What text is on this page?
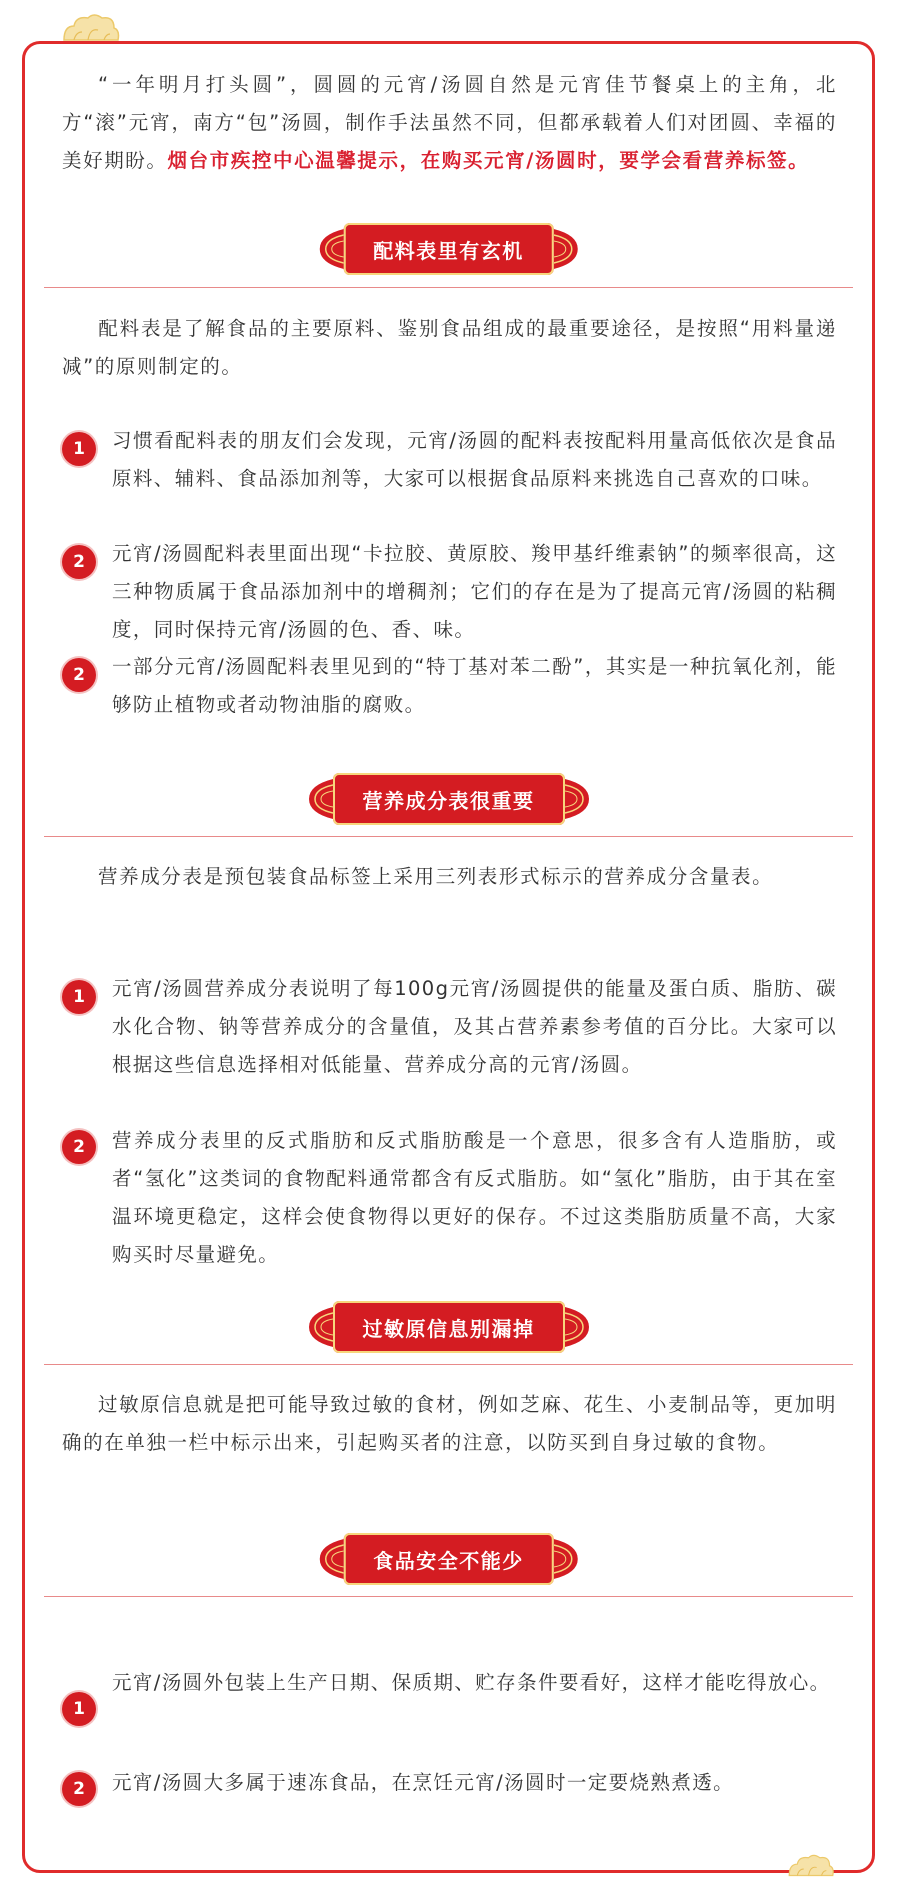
“一年明月打头圆”，圆圆的元宵/汤圆自然是元宵佳节餐桌上的主角，北方“滚”元宵，南方“包”汤圆，制作手法虽然不同，但都承载着人们对团圆、幸福的美好期盼。烟台市疾控中心温馨提示，在购买元宵/汤圆时，要学会看营养标签。

配料表里有玄机

配料表是了解食品的主要原料、鉴别食品组成的最重要途径，是按照“用料量递减”的原则制定的。

1	习惯看配料表的朋友们会发现，元宵/汤圆的配料表按配料用量高低依次是食品原料、辅料、食品添加剂等，大家可以根据食品原料来挑选自己喜欢的口味。

2	元宵/汤圆配料表里面出现“卡拉胶、黄原胶、羧甲基纤维素钠”的频率很高，这三种物质属于食品添加剂中的增稠剂；它们的存在是为了提高元宵/汤圆的粘稠度，同时保持元宵/汤圆的色、香、味。

2	一部分元宵/汤圆配料表里见到的“特丁基对苯二酚”，其实是一种抗氧化剂，能够防止植物或者动物油脂的腐败。

营养成分表很重要

营养成分表是预包装食品标签上采用三列表形式标示的营养成分含量表。

1	元宵/汤圆营养成分表说明了每100g元宵/汤圆提供的能量及蛋白质、脂肪、碳水化合物、钠等营养成分的含量值，及其占营养素参考值的百分比。大家可以根据这些信息选择相对低能量、营养成分高的元宵/汤圆。

2	营养成分表里的反式脂肪和反式脂肪酸是一个意思，很多含有人造脂肪，或者“氢化”这类词的食物配料通常都含有反式脂肪。如“氢化”脂肪，由于其在室温环境更稳定，这样会使食物得以更好的保存。不过这类脂肪质量不高，大家购买时尽量避免。

过敏原信息别漏掉

过敏原信息就是把可能导致过敏的食材，例如芝麻、花生、小麦制品等，更加明确的在单独一栏中标示出来，引起购买者的注意，以防买到自身过敏的食物。

食品安全不能少
1

元宵/汤圆外包装上生产日期、保质期、贮存条件要看好，这样才能吃得放心。

2	元宵/汤圆大多属于速冻食品，在烹饪元宵/汤圆时一定要烧熟煮透。
